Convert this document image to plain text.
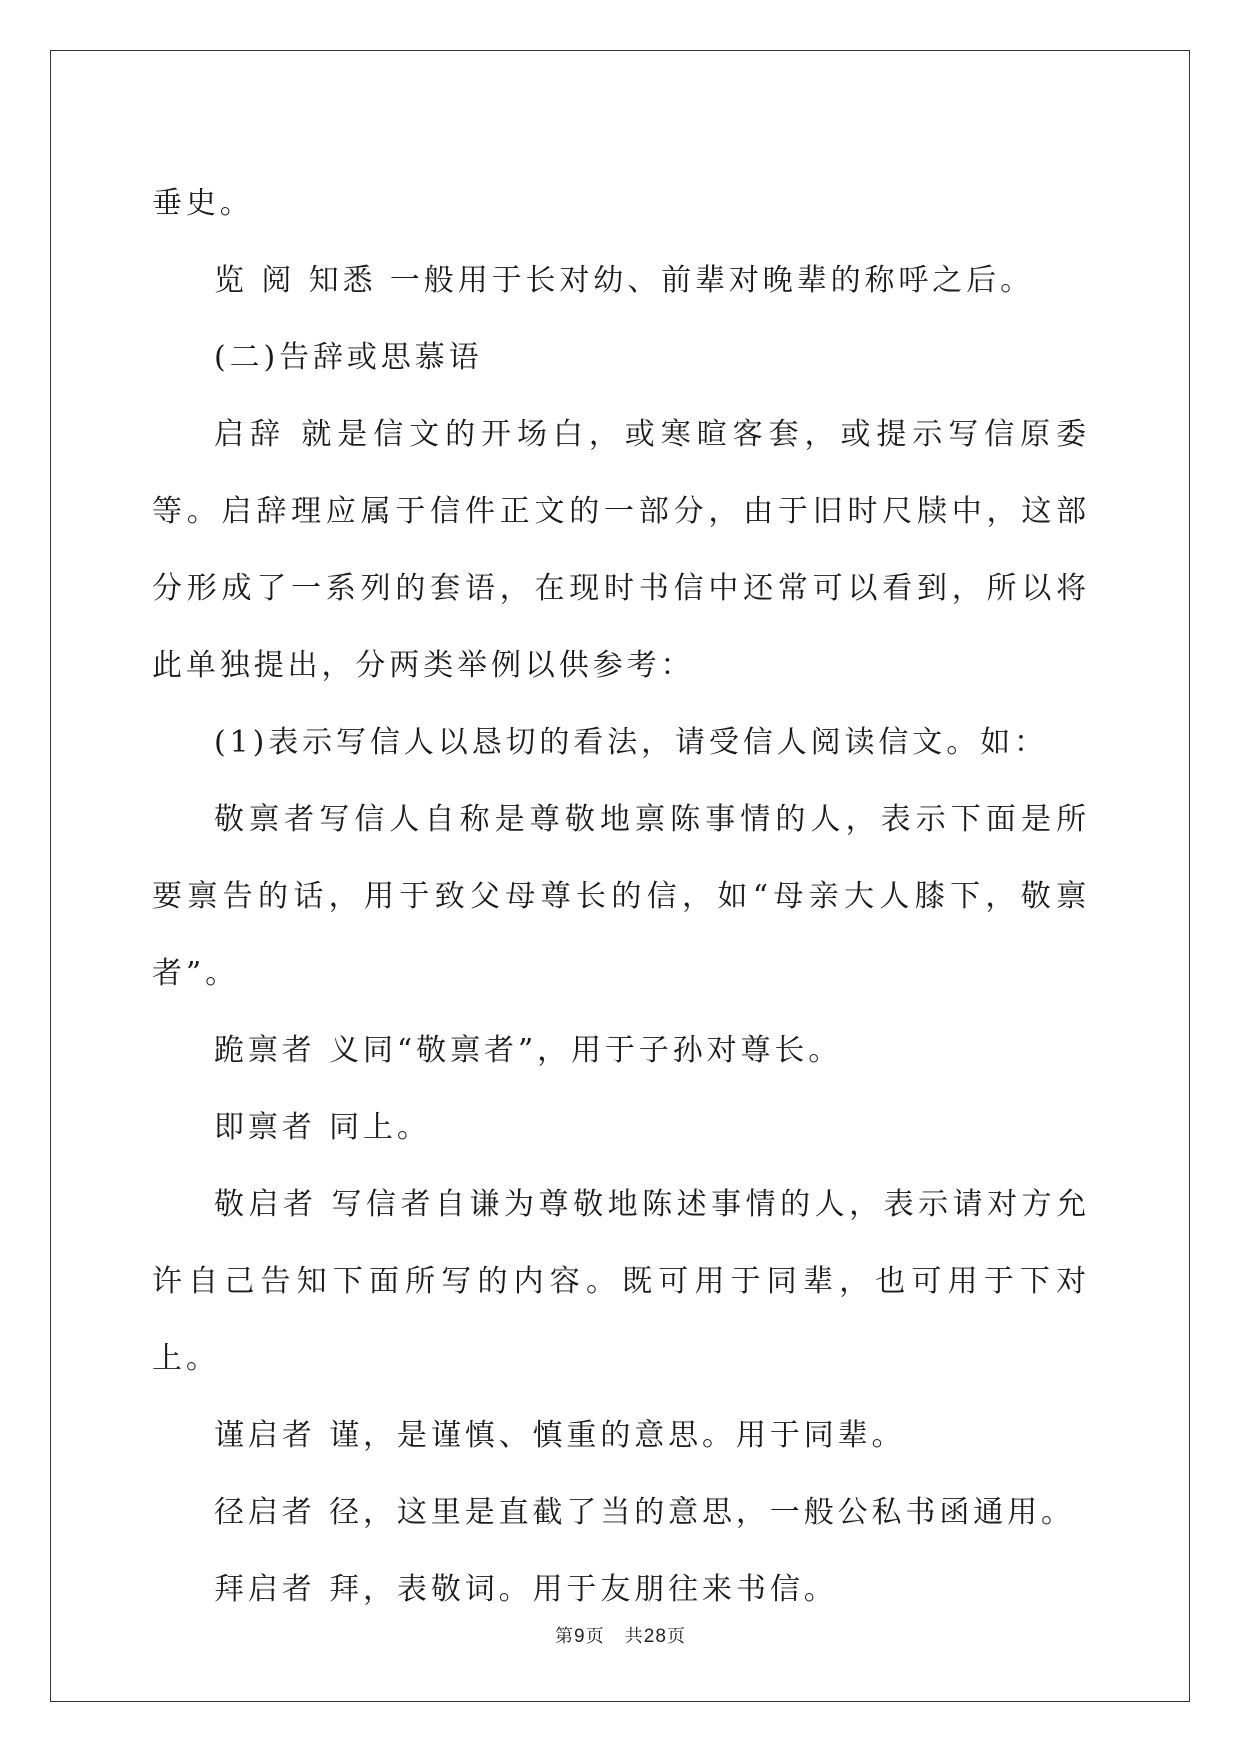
垂史。

览 阅 知悉 一般用于长对幼、前辈对晚辈的称呼之后。

(二)告辞或思慕语

启辞 就是信文的开场白，或寒暄客套，或提示写信原委等。启辞理应属于信件正文的一部分，由于旧时尺牍中，这部分形成了一系列的套语，在现时书信中还常可以看到，所以将此单独提出，分两类举例以供参考：

(1)表示写信人以恳切的看法，请受信人阅读信文。如：

敬禀者写信人自称是尊敬地禀陈事情的人，表示下面是所要禀告的话，用于致父母尊长的信，如“母亲大人膝下，敬禀者”。

跪禀者 义同“敬禀者”，用于子孙对尊长。

即禀者 同上。

敬启者 写信者自谦为尊敬地陈述事情的人，表示请对方允许自己告知下面所写的内容。既可用于同辈，也可用于下对上。

谨启者 谨，是谨慎、慎重的意思。用于同辈。

径启者 径，这里是直截了当的意思，一般公私书函通用。

拜启者 拜，表敬词。用于友朋往来书信。

第9页 共28页
